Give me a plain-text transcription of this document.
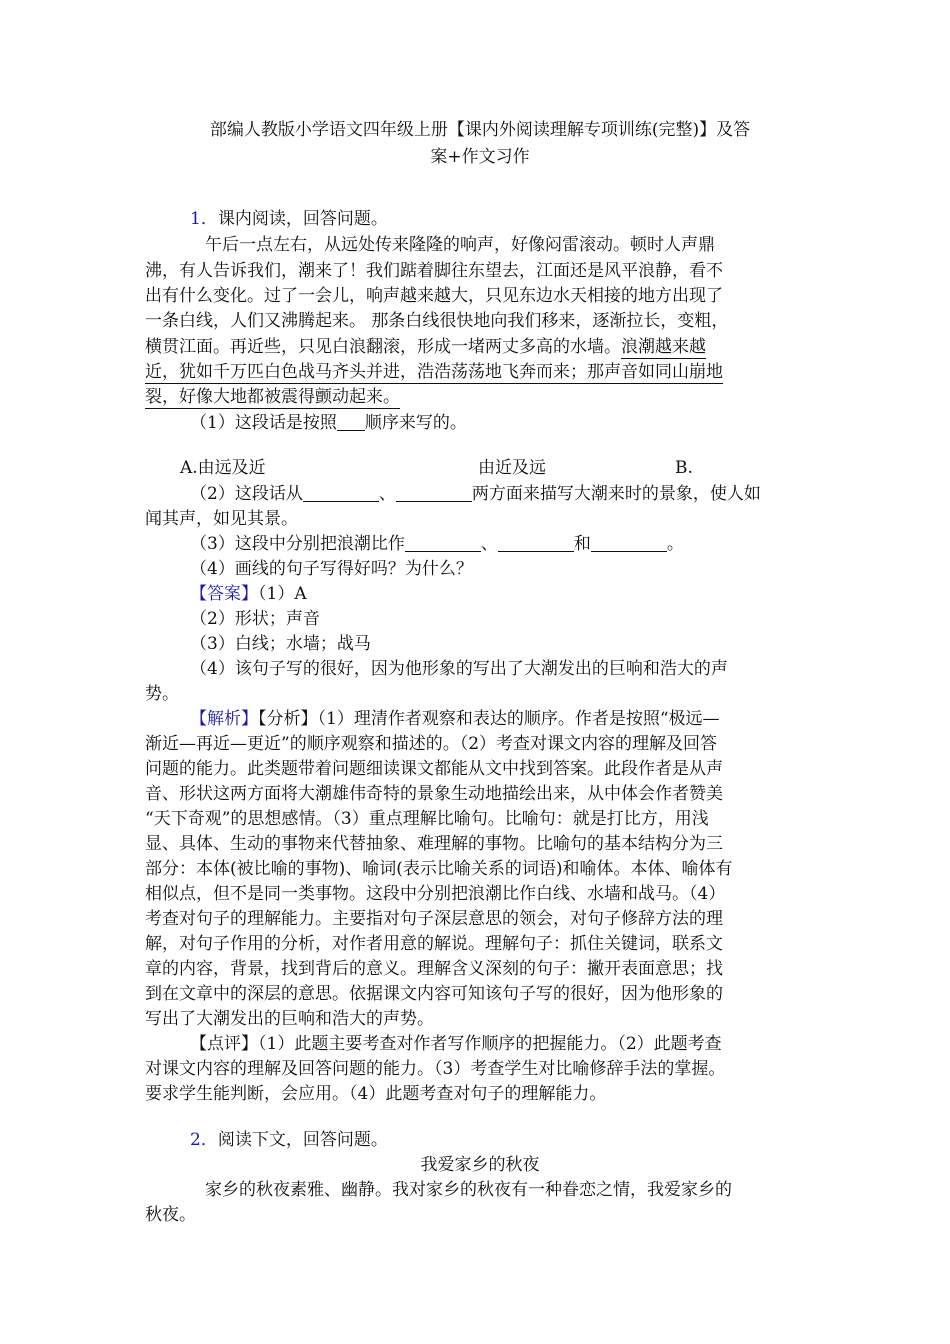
部编人教版小学语文四年级上册【课内外阅读理解专项训练(完整)】及答
案+作文习作
1．课内阅读，回答问题。
午后一点左右，从远处传来隆隆的响声，好像闷雷滚动。顿时人声鼎
沸，有人告诉我们，潮来了！我们踮着脚往东望去，江面还是风平浪静，看不
出有什么变化。过了一会儿，响声越来越大，只见东边水天相接的地方出现了
一条白线，人们又沸腾起来。 那条白线很快地向我们移来，逐渐拉长，变粗，
横贯江面。再近些，只见白浪翻滚，形成一堵两丈多高的水墙。浪潮越来越
近，犹如千万匹白色战马齐头并进，浩浩荡荡地飞奔而来；那声音如同山崩地
裂，好像大地都被震得颤动起来。
（1）这段话是按照 顺序来写的。
A.由远及近	由近及远	B.
（2）这段话从	、	两方面来描写大潮来时的景象，使人如
闻其声，如见其景。
（3）这段中分别把浪潮比作	、	和	。
（4）画线的句子写得好吗？为什么？
【答案】（1）A
（2）形状；声音
（3）白线；水墙；战马
（4）该句子写的很好，因为他形象的写出了大潮发出的巨响和浩大的声
势。
【解析】【分析】（1）理清作者观察和表达的顺序。作者是按照“极远—
渐近—再近—更近”的顺序观察和描述的。（2）考查对课文内容的理解及回答
问题的能力。此类题带着问题细读课文都能从文中找到答案。此段作者是从声
音、形状这两方面将大潮雄伟奇特的景象生动地描绘出来，从中体会作者赞美
“天下奇观”的思想感情。（3）重点理解比喻句。比喻句：就是打比方，用浅
显、具体、生动的事物来代替抽象、难理解的事物。比喻句的基本结构分为三
部分：本体(被比喻的事物)、喻词(表示比喻关系的词语)和喻体。本体、喻体有
相似点，但不是同一类事物。这段中分别把浪潮比作白线、水墙和战马。（4）
考查对句子的理解能力。主要指对句子深层意思的领会，对句子修辞方法的理
解，对句子作用的分析，对作者用意的解说。理解句子：抓住关键词，联系文
章的内容，背景，找到背后的意义。理解含义深刻的句子：撇开表面意思；找
到在文章中的深层的意思。依据课文内容可知该句子写的很好，因为他形象的
写出了大潮发出的巨响和浩大的声势。
【点评】（1）此题主要考查对作者写作顺序的把握能力。（2）此题考查
对课文内容的理解及回答问题的能力。（3）考查学生对比喻修辞手法的掌握。
要求学生能判断，会应用。（4）此题考查对句子的理解能力。
2．阅读下文，回答问题。
我爱家乡的秋夜
家乡的秋夜素雅、幽静。我对家乡的秋夜有一种眷恋之情，我爱家乡的
秋夜。
